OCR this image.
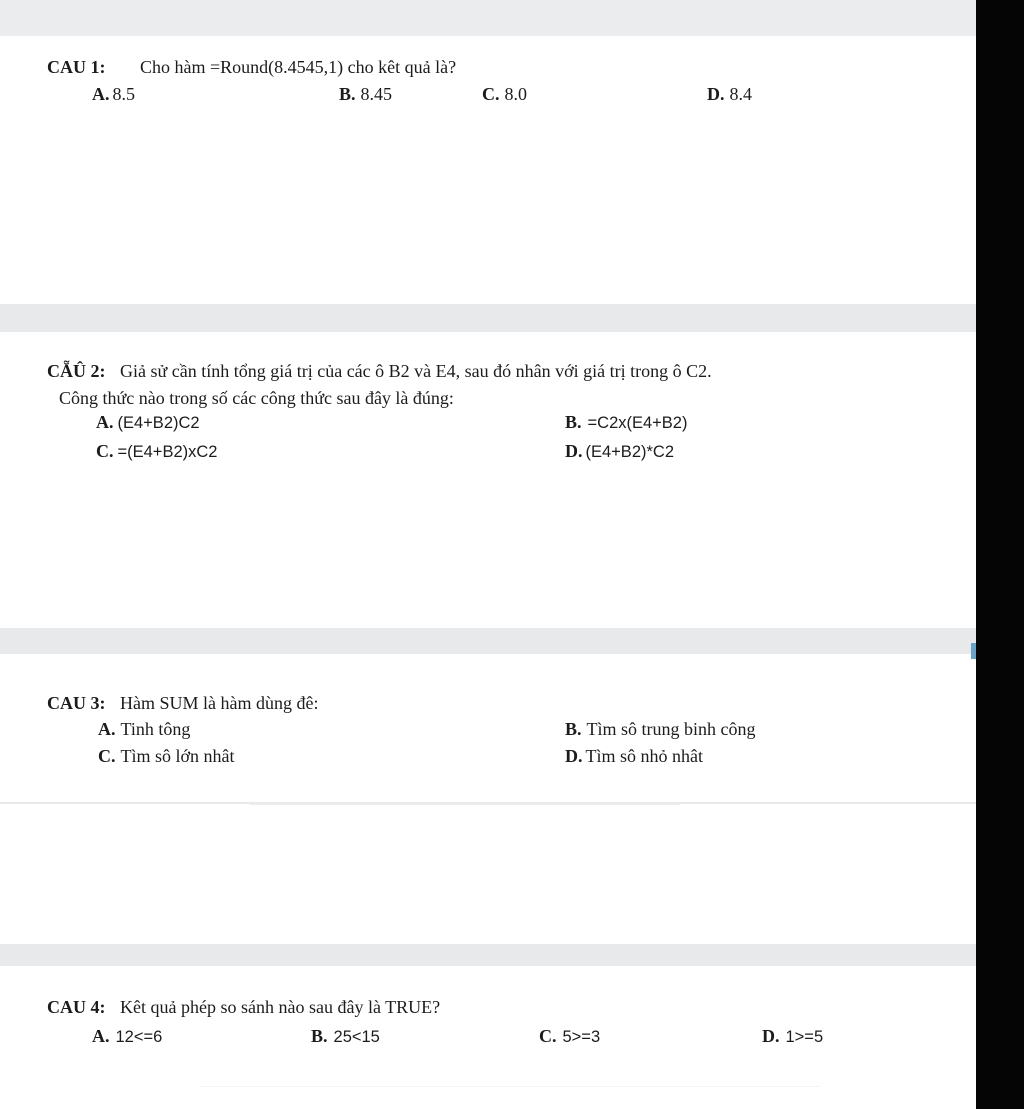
CAU 1: Cho hàm =Round(8.4545,1) cho kêt quả là?
A. 8.5	B. 8.45	C. 8.0	D. 8.4
CẴÛ 2: Giả sử cần tính tổng giá trị của các ô B2 và E4, sau đó nhân với giá trị trong ô C2.
Công thức nào trong số các công thức sau đây là đúng:
A. (E4+B2)C2	B. =C2x(E4+B2)
C. =(E4+B2)xC2	D. (E4+B2)*C2
CAU 3: Hàm SUM là hàm dùng đê:
A. Tinh tông	B. Tìm sô trung binh công
C. Tìm sô lớn nhât	D. Tìm sô nhỏ nhât
CAU 4: Kêt quả phép so sánh nào sau đây là TRUE?
A. 12<=6	B. 25<15	C. 5>=3	D. 1>=5
